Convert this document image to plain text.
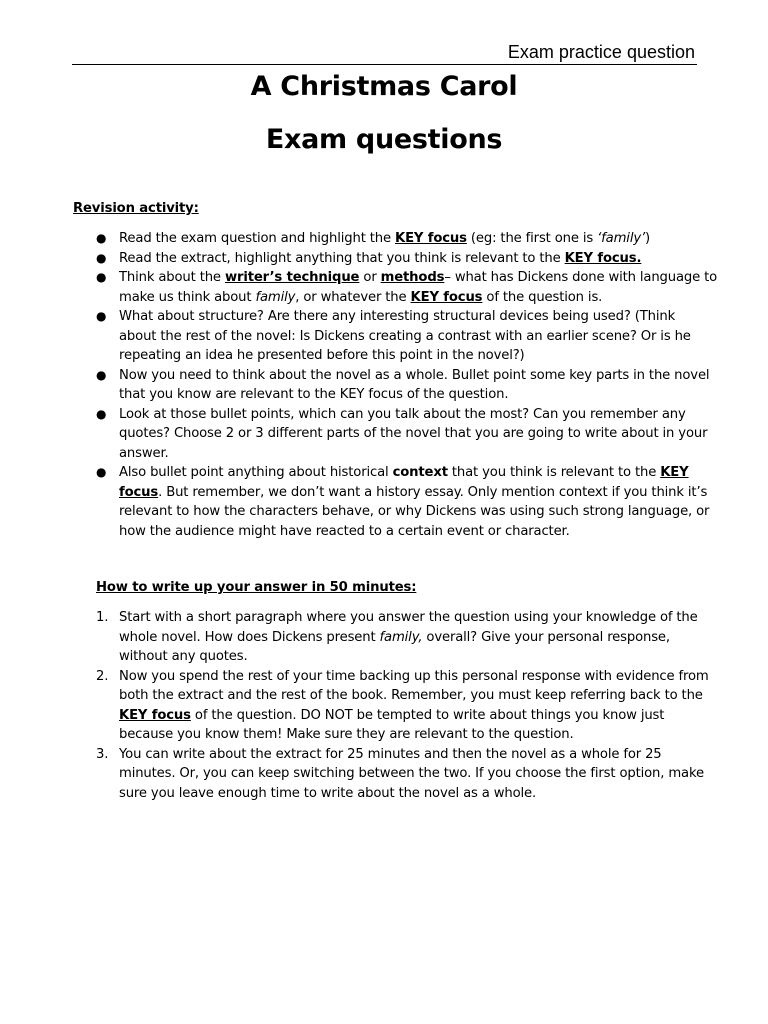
Exam practice question
A Christmas Carol
Exam questions

Revision activity:

● Read the exam question and highlight the KEY focus (eg: the first one is ‘family’)
● Read the extract, highlight anything that you think is relevant to the KEY focus.
● Think about the writer’s technique or methods– what has Dickens done with language to
make us think about family, or whatever the KEY focus of the question is.
● What about structure? Are there any interesting structural devices being used? (Think
about the rest of the novel: Is Dickens creating a contrast with an earlier scene? Or is he
repeating an idea he presented before this point in the novel?)
● Now you need to think about the novel as a whole. Bullet point some key parts in the novel
that you know are relevant to the KEY focus of the question.
● Look at those bullet points, which can you talk about the most? Can you remember any
quotes? Choose 2 or 3 different parts of the novel that you are going to write about in your
answer.
● Also bullet point anything about historical context that you think is relevant to the KEY
focus. But remember, we don’t want a history essay. Only mention context if you think it’s
relevant to how the characters behave, or why Dickens was using such strong language, or
how the audience might have reacted to a certain event or character.

How to write up your answer in 50 minutes:

1. Start with a short paragraph where you answer the question using your knowledge of the
whole novel. How does Dickens present family, overall? Give your personal response,
without any quotes.
2. Now you spend the rest of your time backing up this personal response with evidence from
both the extract and the rest of the book. Remember, you must keep referring back to the
KEY focus of the question. DO NOT be tempted to write about things you know just
because you know them! Make sure they are relevant to the question.
3. You can write about the extract for 25 minutes and then the novel as a whole for 25
minutes. Or, you can keep switching between the two. If you choose the first option, make
sure you leave enough time to write about the novel as a whole.
